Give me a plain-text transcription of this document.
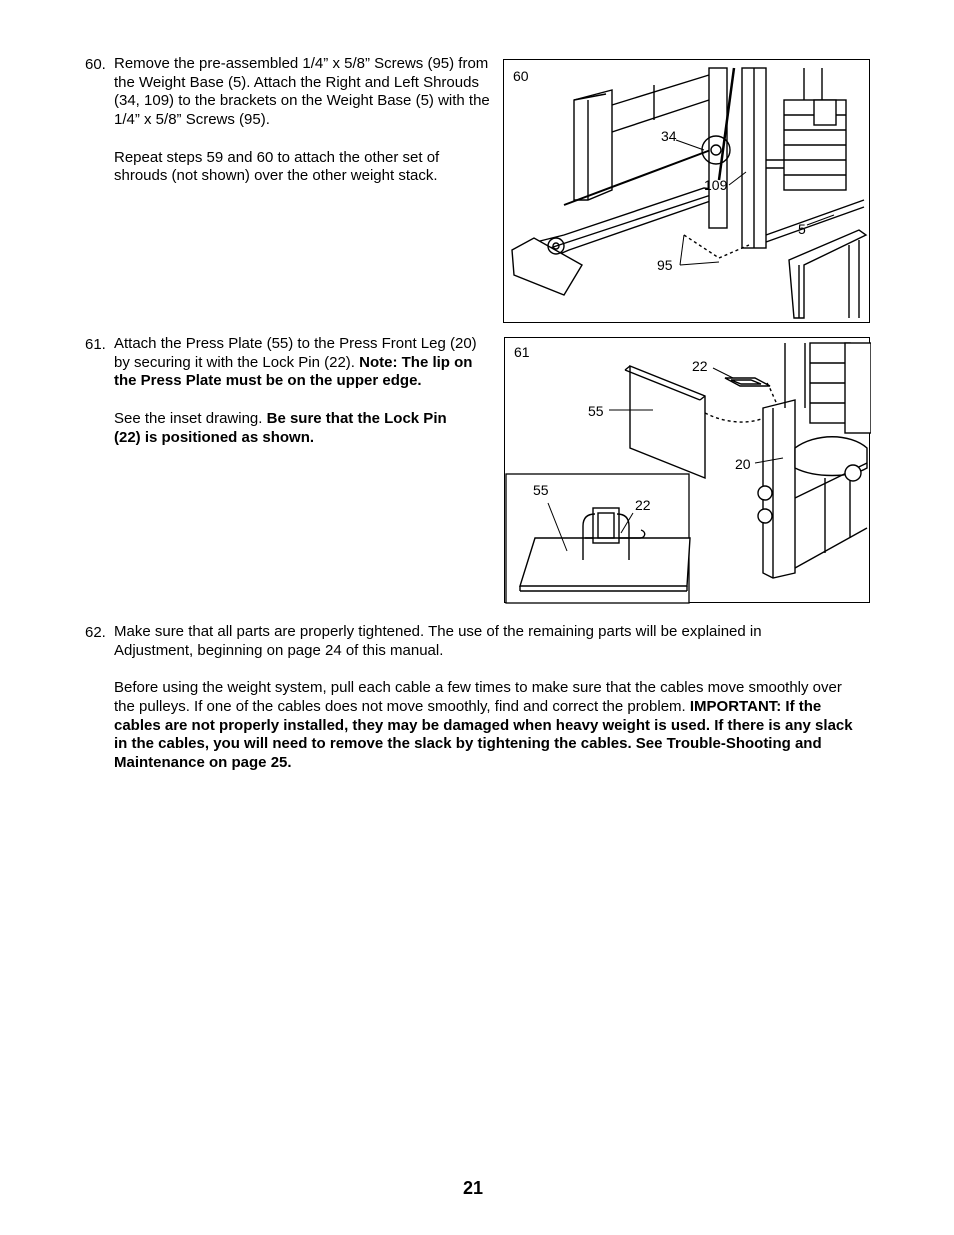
60. Remove the pre-assembled 1/4” x 5/8” Screws (95) from the Weight Base (5). Attach the Right and Left Shrouds (34, 109) to the brackets on the Weight Base (5) with the 1/4” x 5/8” Screws (95).

Repeat steps 59 and 60 to attach the other set of shrouds (not shown) over the other weight stack.

60
34
109
5
95
61. Attach the Press Plate (55) to the Press Front Leg (20) by securing it with the Lock Pin (22). Note: The lip on the Press Plate must be on the upper edge.

See the inset drawing. Be sure that the Lock Pin (22) is positioned as shown.

61
22
55
20
55
22
62. Make sure that all parts are properly tightened. The use of the remaining parts will be explained in Adjustment, beginning on page 24 of this manual.

Before using the weight system, pull each cable a few times to make sure that the cables move smoothly over the pulleys. If one of the cables does not move smoothly, find and correct the problem. IMPORTANT: If the cables are not properly installed, they may be damaged when heavy weight is used. If there is any slack in the cables, you will need to remove the slack by tightening the cables. See Trouble-Shooting and Maintenance on page 25.

21
